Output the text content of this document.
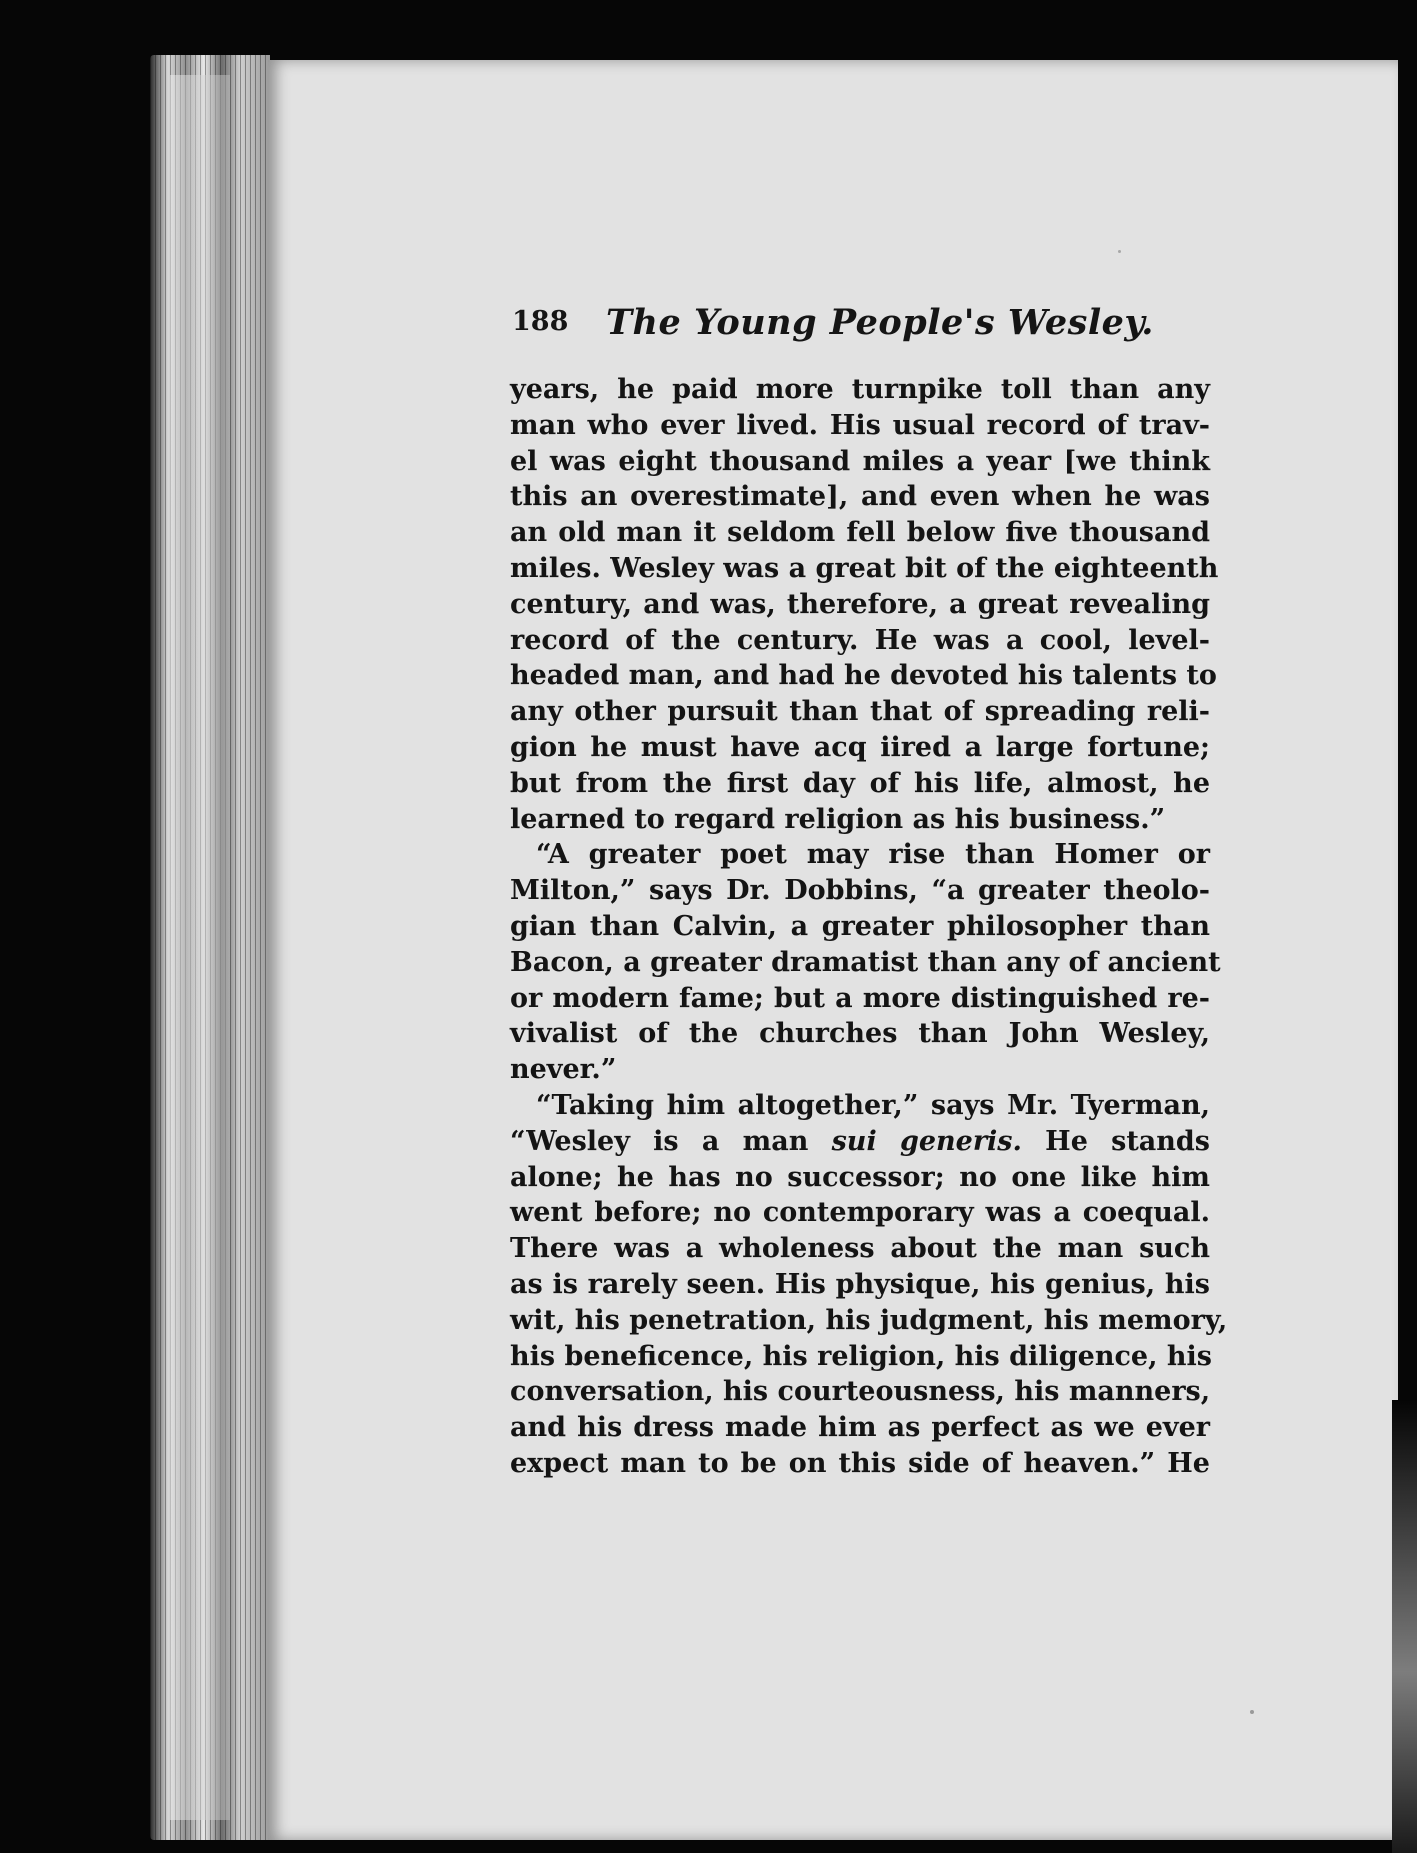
188 The Young People's Wesley.
years, he paid more turnpike toll than any
man who ever lived. His usual record of trav-
el was eight thousand miles a year [we think
this an overestimate], and even when he was
an old man it seldom fell below five thousand
miles. Wesley was a great bit of the eighteenth
century, and was, therefore, a great revealing
record of the century. He was a cool, level-
headed man, and had he devoted his talents to
any other pursuit than that of spreading reli-
gion he must have acq iired a large fortune;
but from the first day of his life, almost, he
learned to regard religion as his business.”
“A greater poet may rise than Homer or
Milton,” says Dr. Dobbins, “a greater theolo-
gian than Calvin, a greater philosopher than
Bacon, a greater dramatist than any of ancient
or modern fame; but a more distinguished re-
vivalist of the churches than John Wesley,
never.”
“Taking him altogether,” says Mr. Tyerman,
“Wesley is a man sui generis. He stands
alone; he has no successor; no one like him
went before; no contemporary was a coequal.
There was a wholeness about the man such
as is rarely seen. His physique, his genius, his
wit, his penetration, his judgment, his memory,
his beneficence, his religion, his diligence, his
conversation, his courteousness, his manners,
and his dress made him as perfect as we ever
expect man to be on this side of heaven.” He
